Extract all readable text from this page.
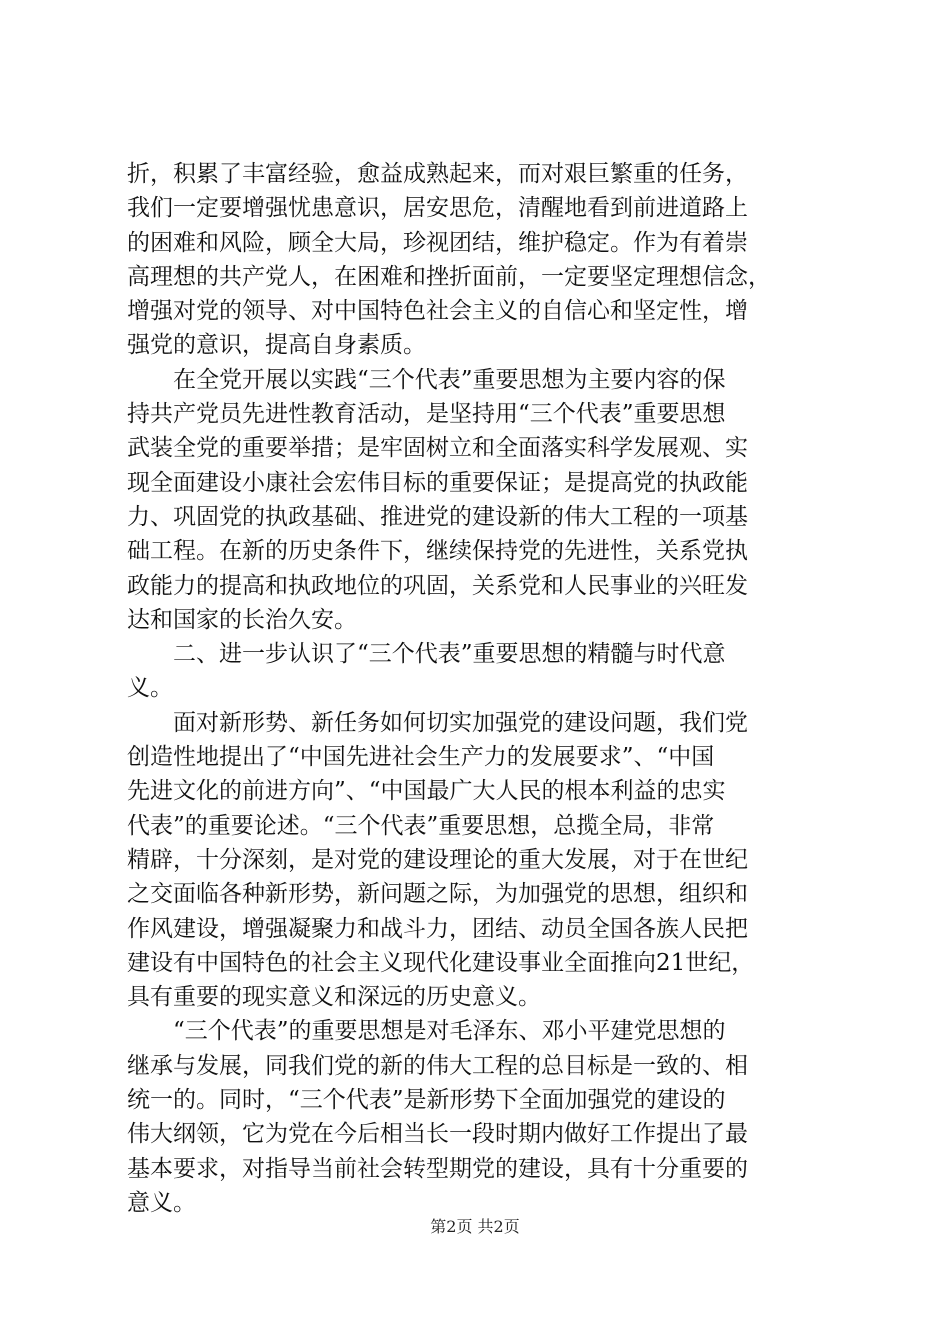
折，积累了丰富经验，愈益成熟起来，而对艰巨繁重的任务，
我们一定要增强忧患意识，居安思危，清醒地看到前进道路上
的困难和风险，顾全大局，珍视团结，维护稳定。作为有着崇
高理想的共产党人，在困难和挫折面前，一定要坚定理想信念，
增强对党的领导、对中国特色社会主义的自信心和坚定性，增
强党的意识，提高自身素质。
　　在全党开展以实践“三个代表”重要思想为主要内容的保
持共产党员先进性教育活动，是坚持用“三个代表”重要思想
武装全党的重要举措；是牢固树立和全面落实科学发展观、实
现全面建设小康社会宏伟目标的重要保证；是提高党的执政能
力、巩固党的执政基础、推进党的建设新的伟大工程的一项基
础工程。在新的历史条件下，继续保持党的先进性，关系党执
政能力的提高和执政地位的巩固，关系党和人民事业的兴旺发
达和国家的长治久安。
　　二、进一步认识了“三个代表”重要思想的精髓与时代意
义。
　　面对新形势、新任务如何切实加强党的建设问题，我们党
创造性地提出了“中国先进社会生产力的发展要求”、“中国
先进文化的前进方向”、“中国最广大人民的根本利益的忠实
代表”的重要论述。“三个代表”重要思想，总揽全局，非常
精辟，十分深刻，是对党的建设理论的重大发展，对于在世纪
之交面临各种新形势，新问题之际，为加强党的思想，组织和
作风建设，增强凝聚力和战斗力，团结、动员全国各族人民把
建设有中国特色的社会主义现代化建设事业全面推向21世纪，
具有重要的现实意义和深远的历史意义。
　　“三个代表”的重要思想是对毛泽东、邓小平建党思想的
继承与发展，同我们党的新的伟大工程的总目标是一致的、相
统一的。同时，“三个代表”是新形势下全面加强党的建设的
伟大纲领，它为党在今后相当长一段时期内做好工作提出了最
基本要求，对指导当前社会转型期党的建设，具有十分重要的
意义。
第2页 共2页
